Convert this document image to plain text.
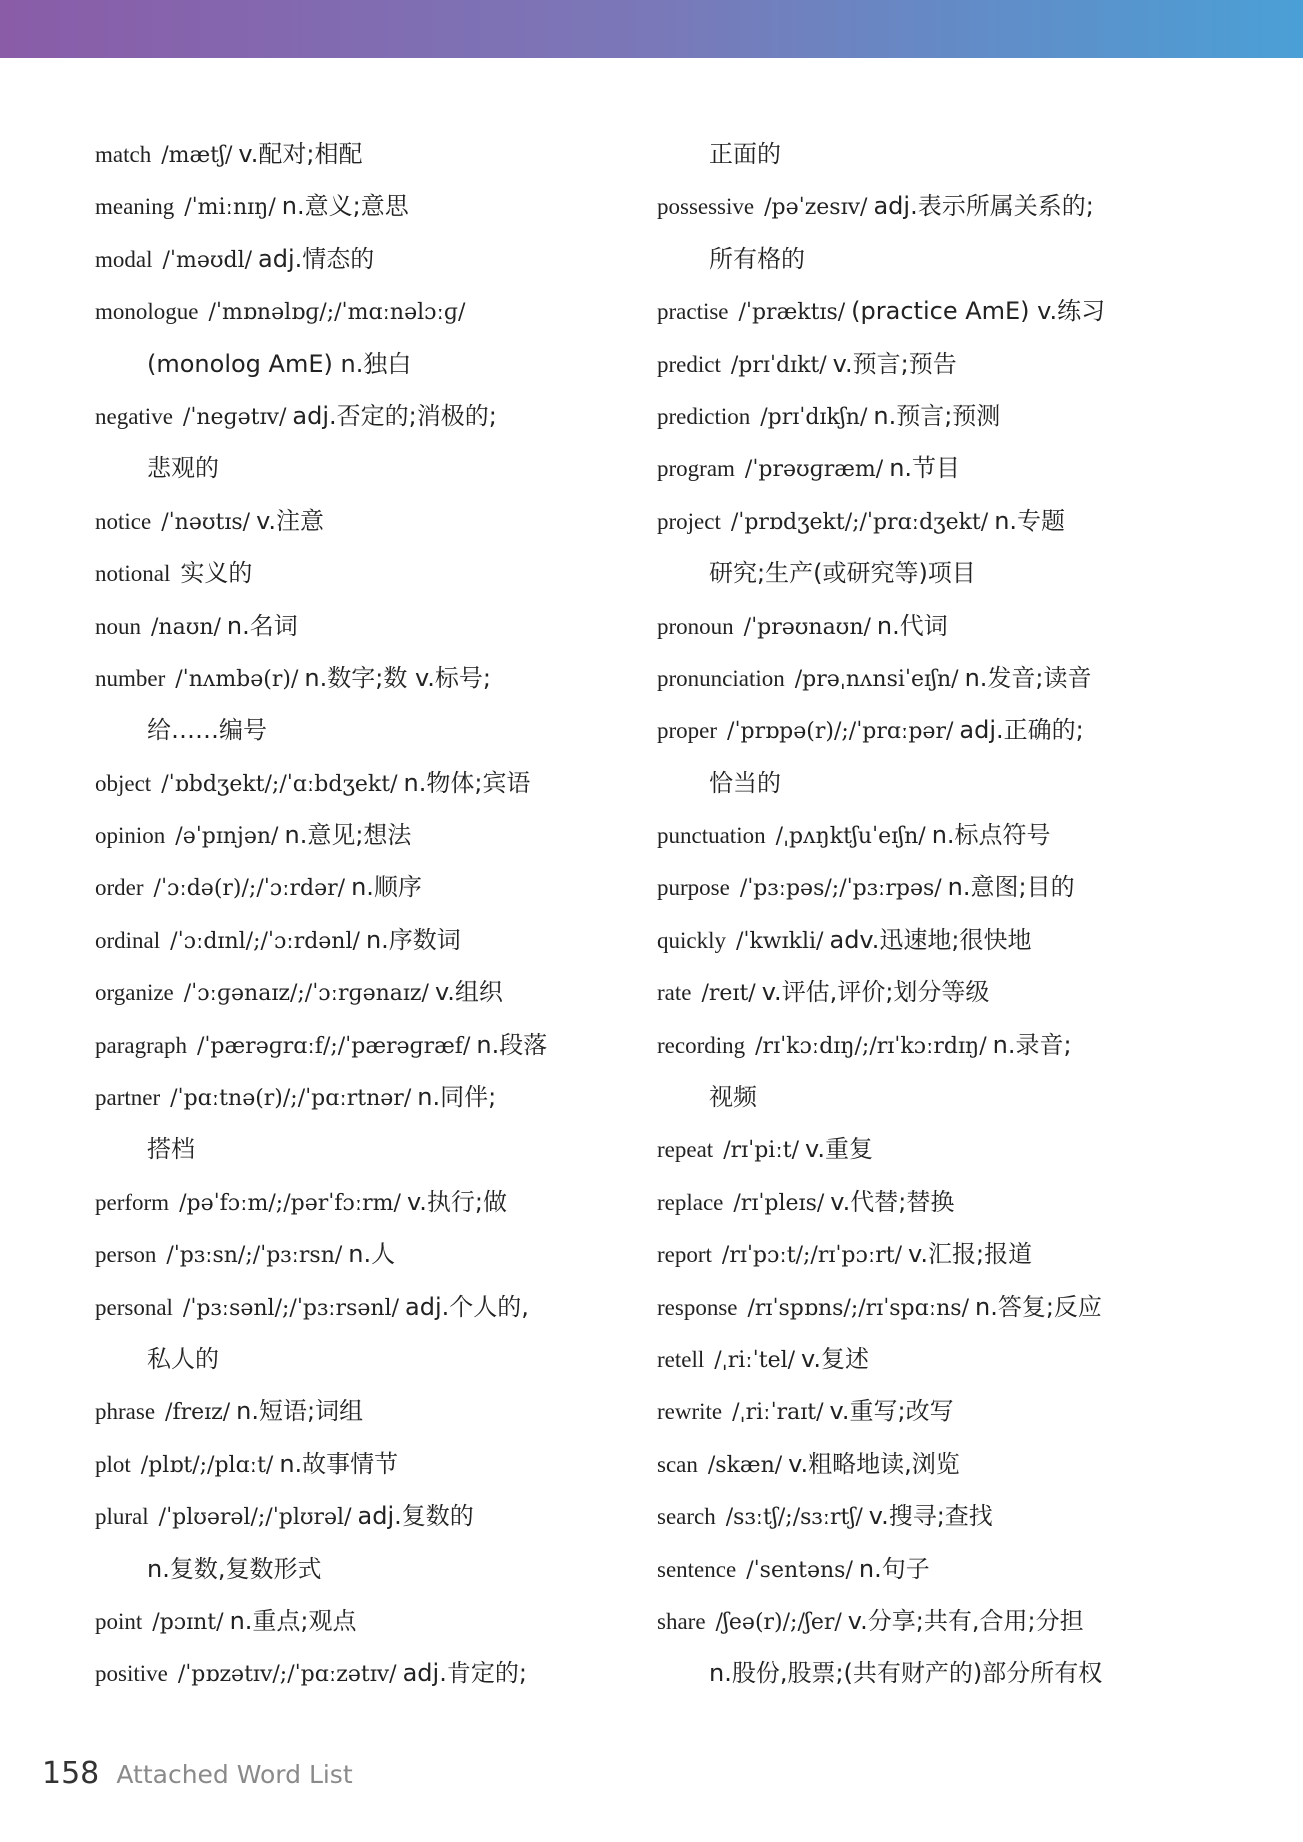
match /mætʃ/ v.配对;相配
meaning /ˈmiːnɪŋ/ n.意义;意思
modal /ˈməʊdl/ adj.情态的
monologue /ˈmɒnəlɒɡ/;/ˈmɑːnəlɔːɡ/
(monolog AmE) n.独白
negative /ˈneɡətɪv/ adj.否定的;消极的;
悲观的
notice /ˈnəʊtɪs/ v.注意
notional 实义的
noun /naʊn/ n.名词
number /ˈnʌmbə(r)/ n.数字;数 v.标号;
给……编号
object /ˈɒbdʒekt/;/ˈɑːbdʒekt/ n.物体;宾语
opinion /əˈpɪnjən/ n.意见;想法
order /ˈɔːdə(r)/;/ˈɔːrdər/ n.顺序
ordinal /ˈɔːdɪnl/;/ˈɔːrdənl/ n.序数词
organize /ˈɔːɡənaɪz/;/ˈɔːrɡənaɪz/ v.组织
paragraph /ˈpærəɡrɑːf/;/ˈpærəɡræf/ n.段落
partner /ˈpɑːtnə(r)/;/ˈpɑːrtnər/ n.同伴;
搭档
perform /pəˈfɔːm/;/pərˈfɔːrm/ v.执行;做
person /ˈpɜːsn/;/ˈpɜːrsn/ n.人
personal /ˈpɜːsənl/;/ˈpɜːrsənl/ adj.个人的,
私人的
phrase /freɪz/ n.短语;词组
plot /plɒt/;/plɑːt/ n.故事情节
plural /ˈplʊərəl/;/ˈplʊrəl/ adj.复数的
n.复数,复数形式
point /pɔɪnt/ n.重点;观点
positive /ˈpɒzətɪv/;/ˈpɑːzətɪv/ adj.肯定的;
正面的
possessive /pəˈzesɪv/ adj.表示所属关系的;
所有格的
practise /ˈpræktɪs/ (practice AmE) v.练习
predict /prɪˈdɪkt/ v.预言;预告
prediction /prɪˈdɪkʃn/ n.预言;预测
program /ˈprəʊɡræm/ n.节目
project /ˈprɒdʒekt/;/ˈprɑːdʒekt/ n.专题
研究;生产(或研究等)项目
pronoun /ˈprəʊnaʊn/ n.代词
pronunciation /prəˌnʌnsiˈeɪʃn/ n.发音;读音
proper /ˈprɒpə(r)/;/ˈprɑːpər/ adj.正确的;
恰当的
punctuation /ˌpʌŋktʃuˈeɪʃn/ n.标点符号
purpose /ˈpɜːpəs/;/ˈpɜːrpəs/ n.意图;目的
quickly /ˈkwɪkli/ adv.迅速地;很快地
rate /reɪt/ v.评估,评价;划分等级
recording /rɪˈkɔːdɪŋ/;/rɪˈkɔːrdɪŋ/ n.录音;
视频
repeat /rɪˈpiːt/ v.重复
replace /rɪˈpleɪs/ v.代替;替换
report /rɪˈpɔːt/;/rɪˈpɔːrt/ v.汇报;报道
response /rɪˈspɒns/;/rɪˈspɑːns/ n.答复;反应
retell /ˌriːˈtel/ v.复述
rewrite /ˌriːˈraɪt/ v.重写;改写
scan /skæn/ v.粗略地读,浏览
search /sɜːtʃ/;/sɜːrtʃ/ v.搜寻;查找
sentence /ˈsentəns/ n.句子
share /ʃeə(r)/;/ʃer/ v.分享;共有,合用;分担
n.股份,股票;(共有财产的)部分所有权
158 Attached Word List
